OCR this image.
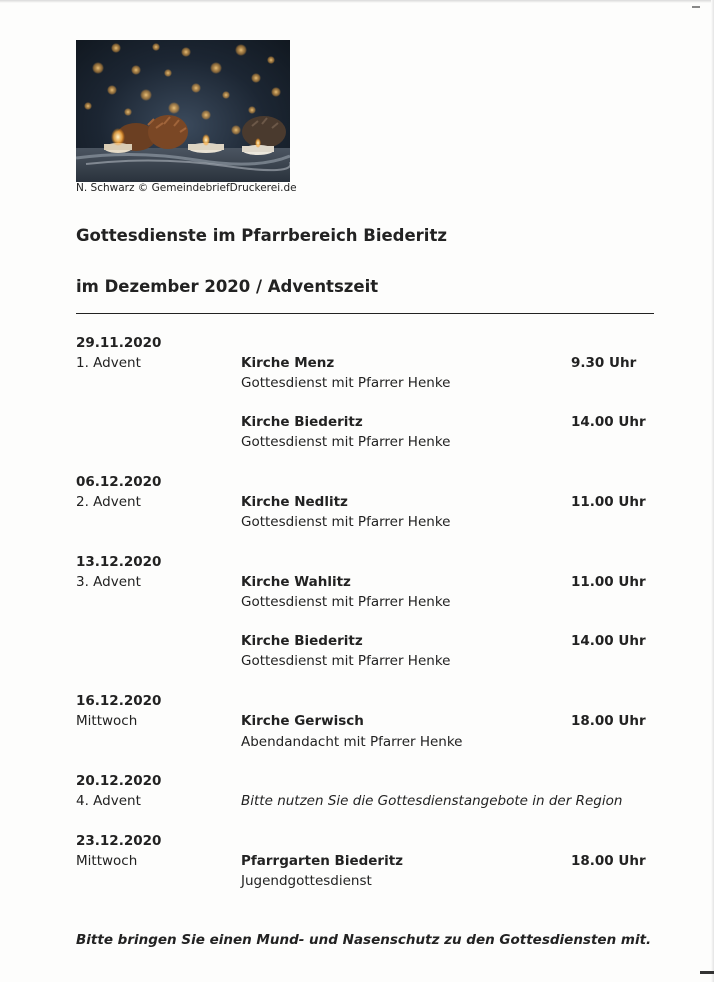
N. Schwarz © GemeindebriefDruckerei.de
Gottesdienste im Pfarrbereich Biederitz
im Dezember 2020 / Adventszeit
29.11.2020
1. Advent	Kirche Menz	9.30 Uhr
Gottesdienst mit Pfarrer Henke
Kirche Biederitz	14.00 Uhr
Gottesdienst mit Pfarrer Henke
06.12.2020
2. Advent	Kirche Nedlitz	11.00 Uhr
Gottesdienst mit Pfarrer Henke
13.12.2020
3. Advent	Kirche Wahlitz	11.00 Uhr
Gottesdienst mit Pfarrer Henke
Kirche Biederitz	14.00 Uhr
Gottesdienst mit Pfarrer Henke
16.12.2020
Mittwoch	Kirche Gerwisch	18.00 Uhr
Abendandacht mit Pfarrer Henke
20.12.2020
4. Advent	Bitte nutzen Sie die Gottesdienstangebote in der Region
23.12.2020
Mittwoch	Pfarrgarten Biederitz	18.00 Uhr
Jugendgottesdienst
Bitte bringen Sie einen Mund- und Nasenschutz zu den Gottesdiensten mit.
